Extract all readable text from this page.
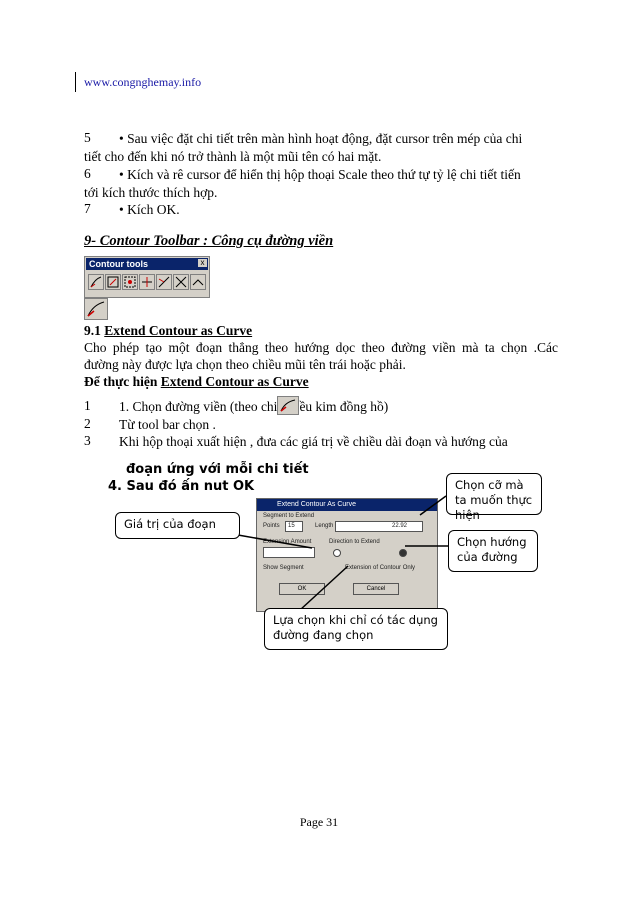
www.congnghemay.info
5 • Sau việc đặt chi tiết trên màn hình hoạt động, đặt cursor trên mép của chi
tiết cho đến khi nó trở thành là một mũi tên có hai mặt.
6 • Kích và rê cursor để hiển thị hộp thoại Scale theo thứ tự tỷ lệ chi tiết tiến
tới kích thước thích hợp.
7 • Kích OK.
9- Contour Toolbar : Công cụ đường viền
Contour tools	x
9.1 Extend Contour as Curve
Cho phép tạo một đoạn thẳng theo hướng dọc theo đường viền mà ta chọn .Các
đường này được lựa chọn theo chiều mũi tên trái hoặc phải.
Để thực hiện Extend Contour as Curve
1 1. Chọn đường viền (theo chi ều kim đồng hồ)
2 Từ tool bar chọn .
3 Khi hộp thoại xuất hiện , đưa các giá trị về chiều dài đoạn và hướng của
đoạn ứng với mỗi chi tiết
4. Sau đó ấn nut OK
Extend Contour As Curve
Segment to Extend
Points 15	Length	22.92
Extension Amount	Direction to Extend
Show Segment	Extension of Contour Only
OK	Cancel
Chọn cỡ mà ta muốn thực hiện
Giá trị của đoạn
Chọn hướng của đường
Lựa chọn khi chỉ có tác dụng đường đang chọn
Page 31
